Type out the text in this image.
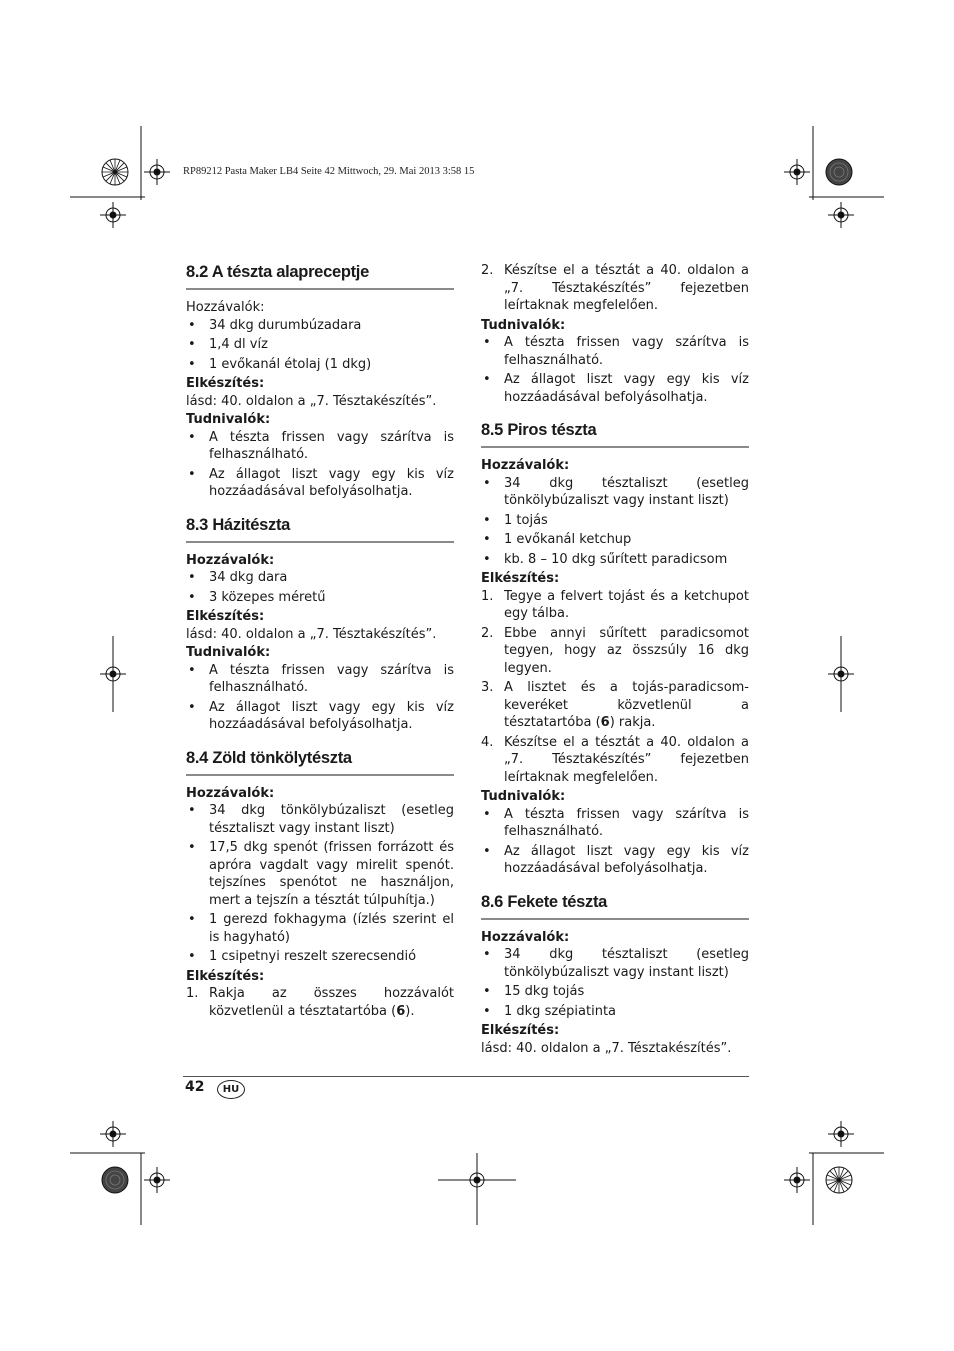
RP89212 Pasta Maker LB4 Seite 42 Mittwoch, 29. Mai 2013 3:58 15
8.2 A tészta alapreceptje

Hozzávalók:

• 34 dkg durumbúzadara
• 1,4 dl víz
• 1 evőkanál étolaj (1 dkg)
Elkészítés:

lásd: 40. oldalon a „7. Tésztakészítés”.

Tudnivalók:
• A tészta frissen vagy szárítva is felhasználható.
• Az állagot liszt vagy egy kis víz hozzáadásával befolyásolhatja.
8.3 Házitészta
Hozzávalók:
• 34 dkg dara
• 3 közepes méretű
Elkészítés:

lásd: 40. oldalon a „7. Tésztakészítés”.

Tudnivalók:
• A tészta frissen vagy szárítva is felhasználható.
• Az állagot liszt vagy egy kis víz hozzáadásával befolyásolhatja.
8.4 Zöld tönkölytészta
Hozzávalók:
• 34 dkg tönkölybúzaliszt (esetleg tésztaliszt vagy instant liszt)
• 17,5 dkg spenót (frissen forrázott és apróra vagdalt vagy mirelit spenót. tejszínes spenótot ne használjon, mert a tejszín a tésztát túlpuhítja.)
• 1 gerezd fokhagyma (ízlés szerint el is hagyható)
• 1 csipetnyi reszelt szerecsendió
Elkészítés:
1. Rakja az összes hozzávalót közvetlenül a tésztatartóba (6).
2. Készítse el a tésztát a 40. oldalon a „7. Tésztakészítés” fejezetben leírtaknak megfelelően.
Tudnivalók:
• A tészta frissen vagy szárítva is felhasználható.
• Az állagot liszt vagy egy kis víz hozzáadásával befolyásolhatja.
8.5 Piros tészta
Hozzávalók:
• 34 dkg tésztaliszt (esetleg tönkölybúzaliszt vagy instant liszt)
• 1 tojás
• 1 evőkanál ketchup
• kb. 8 – 10 dkg sűrített paradicsom
Elkészítés:
1. Tegye a felvert tojást és a ketchupot egy tálba.
2. Ebbe annyi sűrített paradicsomot tegyen, hogy az összsúly 16 dkg legyen.
3. A lisztet és a tojás-paradicsom-keveréket közvetlenül a tésztatartóba (6) rakja.
4. Készítse el a tésztát a 40. oldalon a „7. Tésztakészítés” fejezetben leírtaknak megfelelően.
Tudnivalók:
• A tészta frissen vagy szárítva is felhasználható.
• Az állagot liszt vagy egy kis víz hozzáadásával befolyásolhatja.
8.6 Fekete tészta
Hozzávalók:
• 34 dkg tésztaliszt (esetleg tönkölybúzaliszt vagy instant liszt)
• 15 dkg tojás
• 1 dkg szépiatinta
Elkészítés:

lásd: 40. oldalon a „7. Tésztakészítés”.

42	HU
